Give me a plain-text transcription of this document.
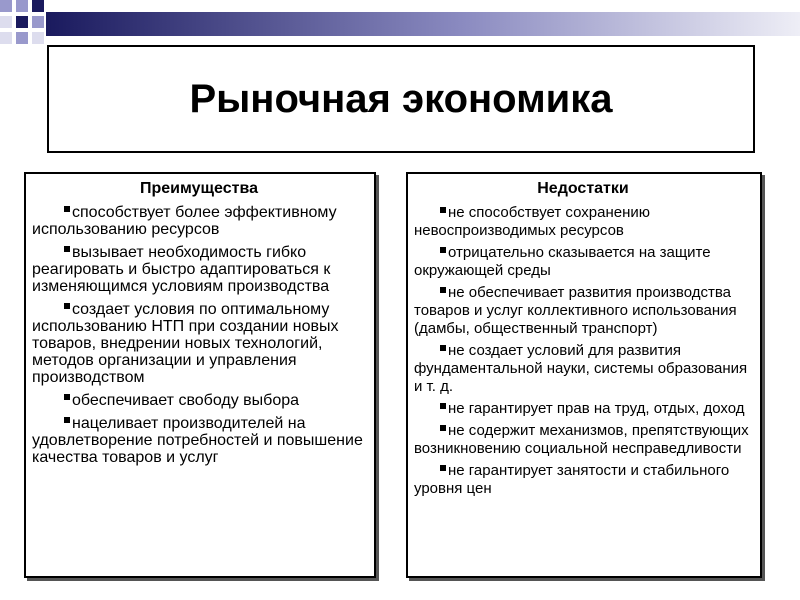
Рыночная экономика
Преимущества
способствует более эффективному использованию ресурсов
вызывает необходимость гибко реагировать и быстро адаптироваться к изменяющимся условиям производства
создает условия по оптимальному использованию НТП при создании новых товаров, внедрении новых технологий, методов организации и управления производством
обеспечивает свободу выбора
нацеливает производителей на удовлетворение потребностей и повышение качества товаров и услуг
Недостатки
не способствует сохранению невоспроизводимых ресурсов
отрицательно сказывается на защите окружающей среды
не обеспечивает развития производства товаров и услуг коллективного использования (дамбы, общественный транспорт)
не создает условий для развития фундаментальной науки, системы образования и т. д.
не гарантирует прав на труд, отдых, доход
не содержит механизмов, препятствующих возникновению социальной несправедливости
не гарантирует занятости и стабильного уровня цен
